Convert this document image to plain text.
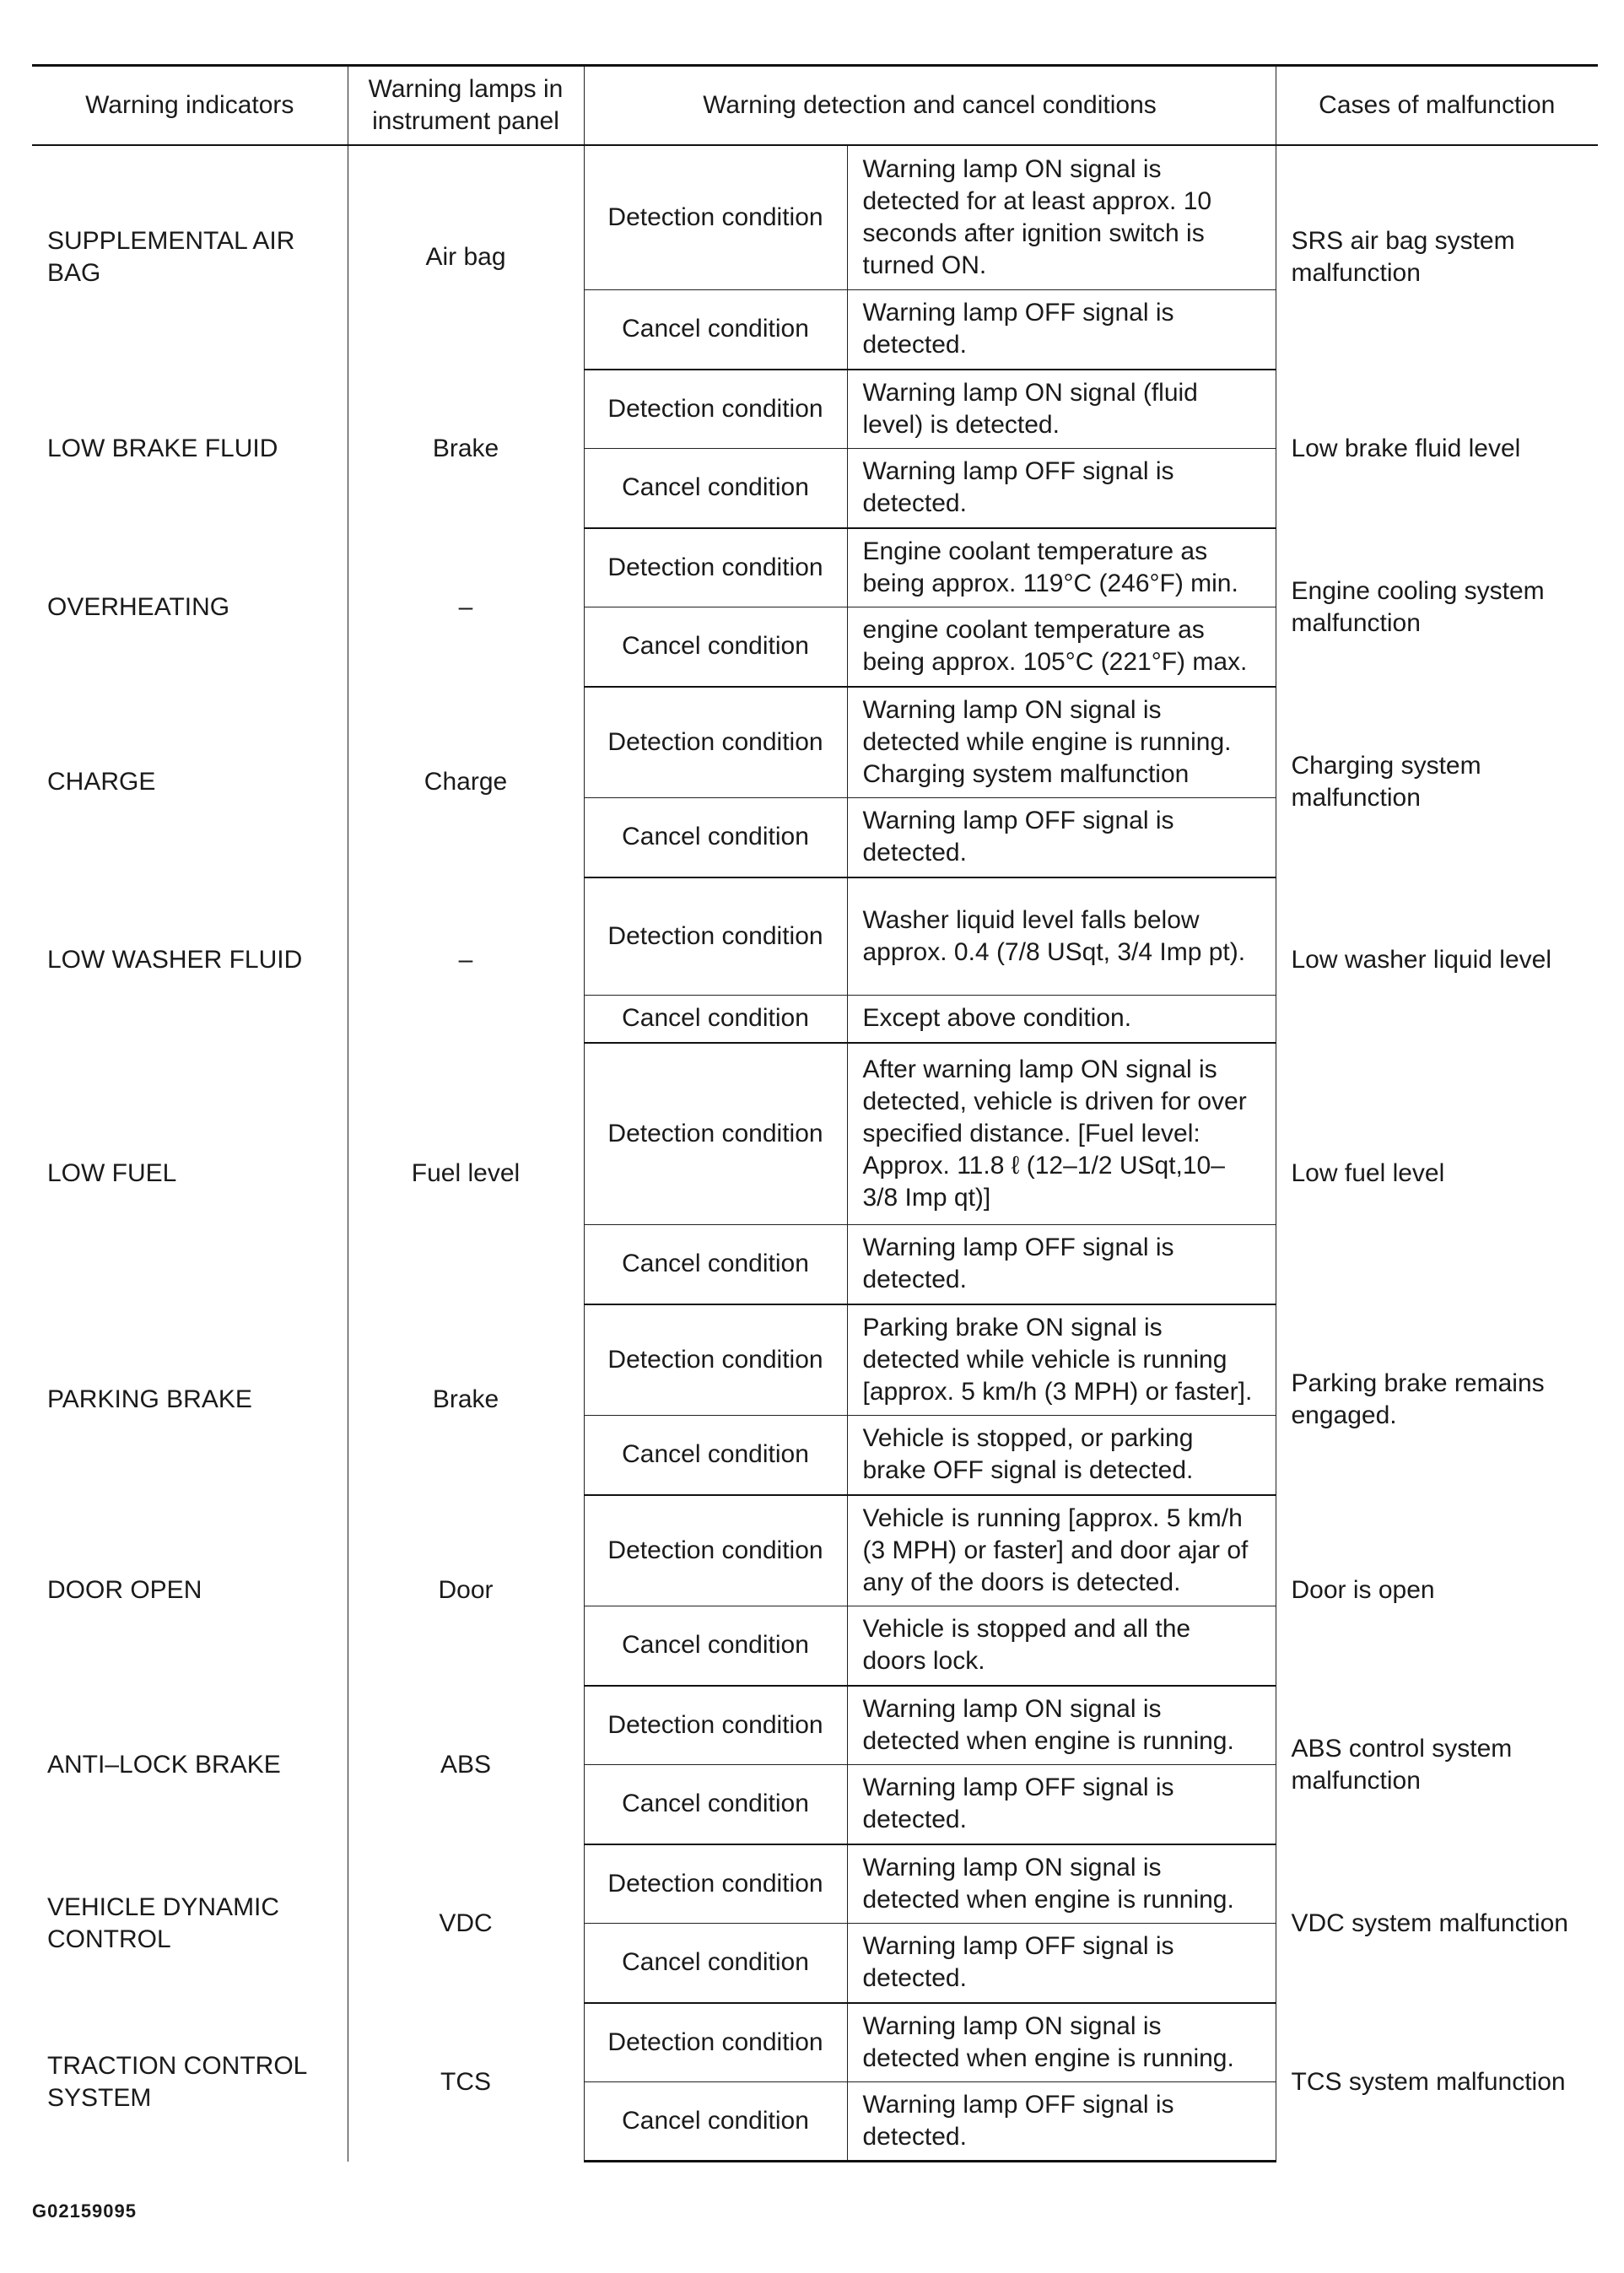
Warning indicators	Warning lamps in instrument panel	Warning detection and cancel conditions		Cases of malfunction
SUPPLEMENTAL AIR BAG	Air bag	Detection condition	Warning lamp ON signal is detected for at least approx. 10 seconds after ignition switch is turned ON.	SRS air bag system malfunction
		Cancel condition	Warning lamp OFF signal is detected.	
LOW BRAKE FLUID	Brake	Detection condition	Warning lamp ON signal (fluid level) is detected.	Low brake fluid level
		Cancel condition	Warning lamp OFF signal is detected.	
OVERHEATING	–	Detection condition	Engine coolant temperature as being approx. 119°C (246°F) min.	Engine cooling system malfunction
		Cancel condition	engine coolant temperature as being approx. 105°C (221°F) max.	
CHARGE	Charge	Detection condition	Warning lamp ON signal is detected while engine is running. Charging system malfunction	Charging system malfunction
		Cancel condition	Warning lamp OFF signal is detected.	
LOW WASHER FLUID	–	Detection condition	Washer liquid level falls below approx. 0.4 (7/8 USqt, 3/4 Imp pt).	Low washer liquid level
		Cancel condition	Except above condition.	
LOW FUEL	Fuel level	Detection condition	After warning lamp ON signal is detected, vehicle is driven for over specified distance. [Fuel level: Approx. 11.8 ℓ (12–1/2 USqt,10–3/8 Imp qt)]	Low fuel level
		Cancel condition	Warning lamp OFF signal is detected.	
PARKING BRAKE	Brake	Detection condition	Parking brake ON signal is detected while vehicle is running [approx. 5 km/h (3 MPH) or faster].	Parking brake remains engaged.
		Cancel condition	Vehicle is stopped, or parking brake OFF signal is detected.	
DOOR OPEN	Door	Detection condition	Vehicle is running [approx. 5 km/h (3 MPH) or faster] and door ajar of any of the doors is detected.	Door is open
		Cancel condition	Vehicle is stopped and all the doors lock.	
ANTI–LOCK BRAKE	ABS	Detection condition	Warning lamp ON signal is detected when engine is running.	ABS control system malfunction
		Cancel condition	Warning lamp OFF signal is detected.	
VEHICLE DYNAMIC CONTROL	VDC	Detection condition	Warning lamp ON signal is detected when engine is running.	VDC system malfunction
		Cancel condition	Warning lamp OFF signal is detected.	
TRACTION CONTROL SYSTEM	TCS	Detection condition	Warning lamp ON signal is detected when engine is running.	TCS system malfunction
		Cancel condition	Warning lamp OFF signal is detected.	
G02159095
